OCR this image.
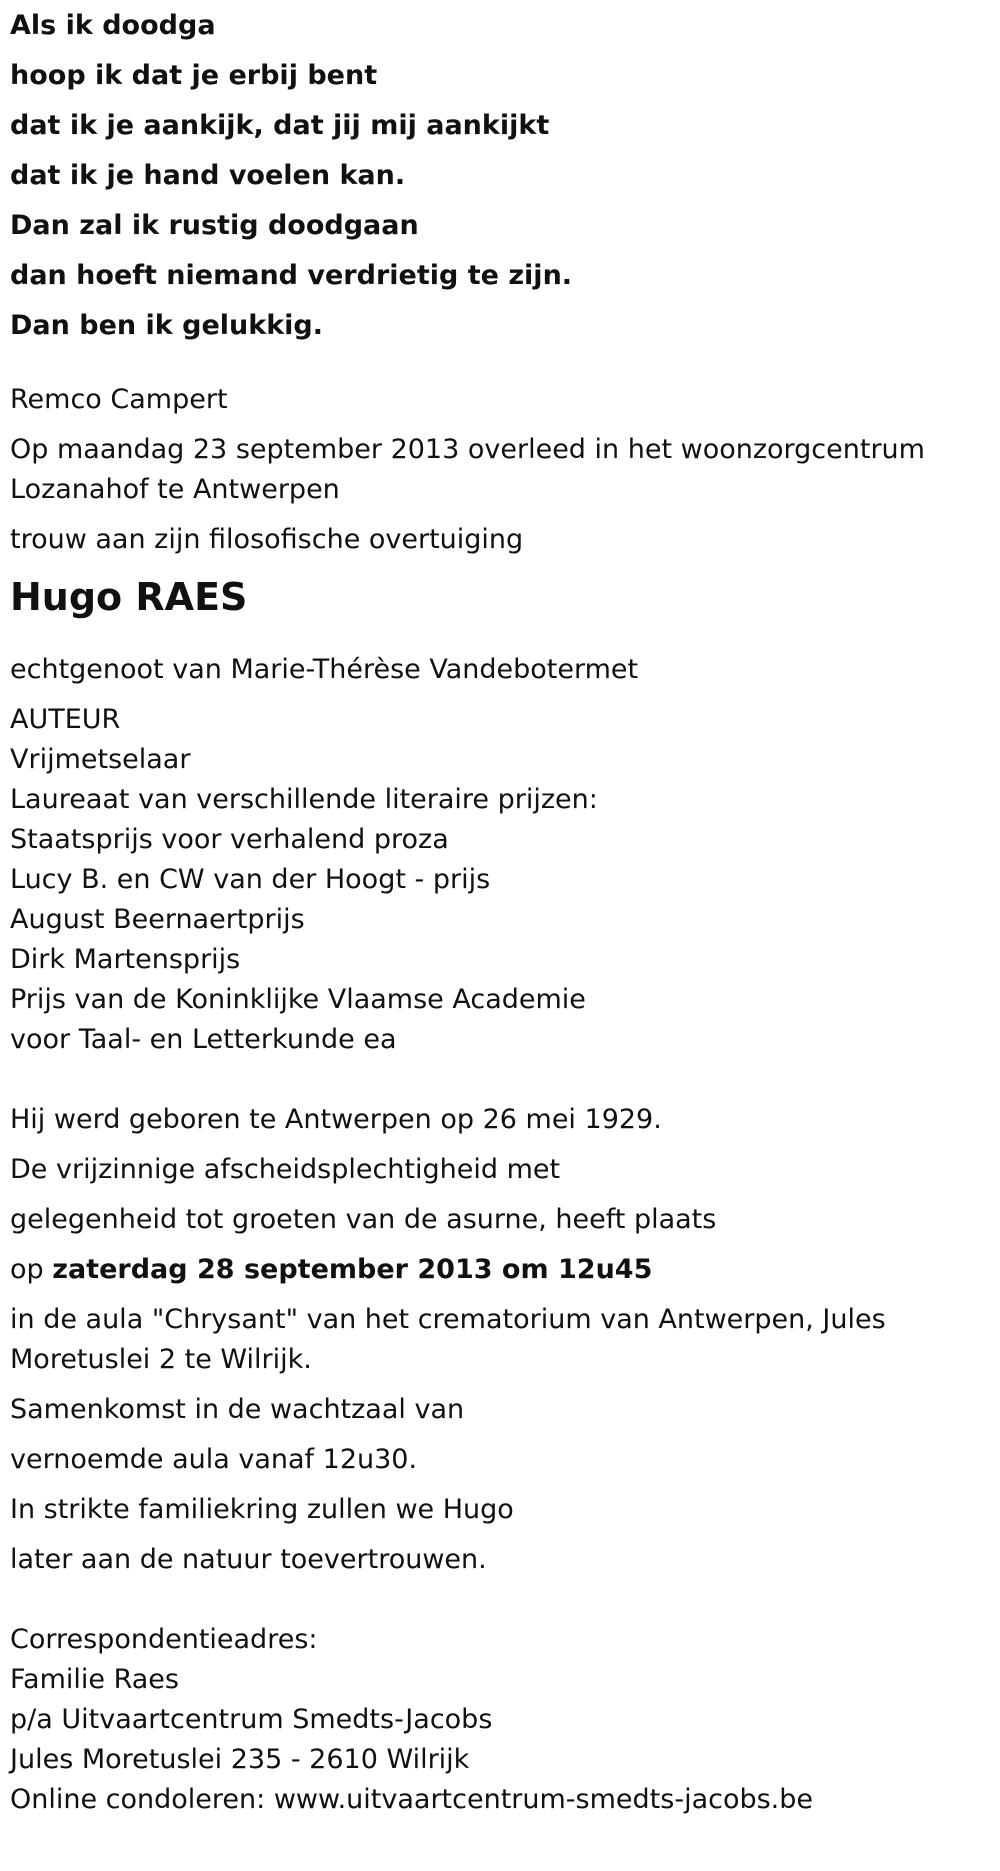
Als ik doodga
hoop ik dat je erbij bent
dat ik je aankijk, dat jij mij aankijkt
dat ik je hand voelen kan.
Dan zal ik rustig doodgaan
dan hoeft niemand verdrietig te zijn.
Dan ben ik gelukkig.
Remco Campert
Op maandag 23 september 2013 overleed in het woonzorgcentrum
Lozanahof te Antwerpen
trouw aan zijn filosofische overtuiging
Hugo RAES
echtgenoot van Marie-Thérèse Vandebotermet
AUTEUR
Vrijmetselaar
Laureaat van verschillende literaire prijzen:
Staatsprijs voor verhalend proza
Lucy B. en CW van der Hoogt - prijs
August Beernaertprijs
Dirk Martensprijs
Prijs van de Koninklijke Vlaamse Academie
voor Taal- en Letterkunde ea
Hij werd geboren te Antwerpen op 26 mei 1929.
De vrijzinnige afscheidsplechtigheid met
gelegenheid tot groeten van de asurne, heeft plaats
op zaterdag 28 september 2013 om 12u45
in de aula "Chrysant" van het crematorium van Antwerpen, Jules
Moretuslei 2 te Wilrijk.
Samenkomst in de wachtzaal van
vernoemde aula vanaf 12u30.
In strikte familiekring zullen we Hugo
later aan de natuur toevertrouwen.
Correspondentieadres:
Familie Raes
p/a Uitvaartcentrum Smedts-Jacobs
Jules Moretuslei 235 - 2610 Wilrijk
Online condoleren: www.uitvaartcentrum-smedts-jacobs.be
